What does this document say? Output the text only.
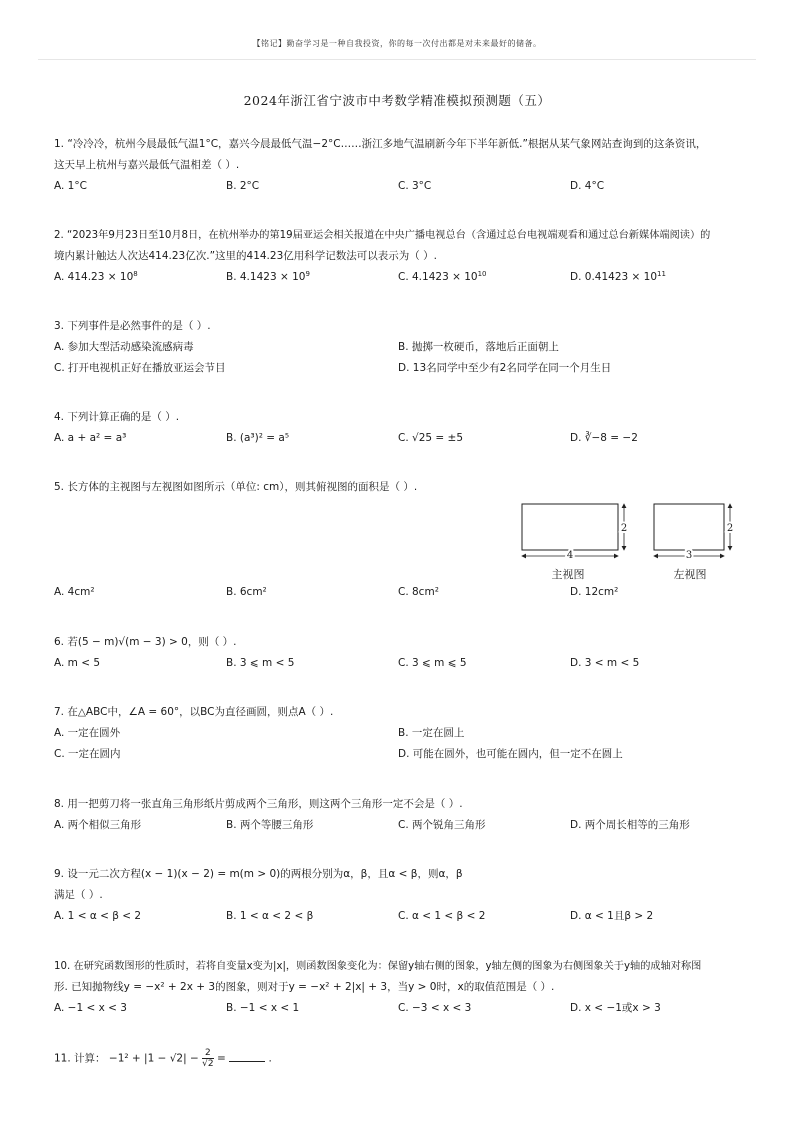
【铭记】勤奋学习是一种自我投资，你的每一次付出都是对未来最好的储备。
2024年浙江省宁波市中考数学精准模拟预测题（五）
1. “冷冷冷，杭州今晨最低气温1°C，嘉兴今晨最低气温−2°C……浙江多地气温刷新今年下半年新低.”根据从某气象网站查询到的这条资讯，
这天早上杭州与嘉兴最低气温相差（ ）.
A. 1°C	B. 2°C	C. 3°C	D. 4°C
2. “2023年9月23日至10月8日，在杭州举办的第19届亚运会相关报道在中央广播电视总台（含通过总台电视端观看和通过总台新媒体端阅读）的
境内累计触达人次达414.23亿次.”这里的414.23亿用科学记数法可以表示为（ ）.
A. $414.23 \times 10^8$	B. $4.1423 \times 10^9$	C. $4.1423 \times 10^{10}$	D. $0.41423 \times 10^{11}$
3. 下列事件是必然事件的是（ ）.
A. 参加大型活动感染流感病毒	B. 抛掷一枚硬币，落地后正面朝上
C. 打开电视机正好在播放亚运会节目	D. 13名同学中至少有2名同学在同一个月生日
4. 下列计算正确的是（ ）.
A. a + a² = a³	B. (a³)² = a⁵	C. √25 = ±5	D. ∛−8 = −2
5. 长方体的主视图与左视图如图所示（单位: cm），则其俯视图的面积是（ ）.
4
2
3
2
主视图	左视图
A. 4cm²	B. 6cm²	C. 8cm²	D. 12cm²
6. 若(5 − m)√(m − 3) > 0，则（ ）.
A. m < 5	B. 3 ⩽ m < 5	C. 3 ⩽ m ⩽ 5	D. 3 < m < 5
7. 在△ABC中，∠A = 60°，以BC为直径画圆，则点A（ ）.
A. 一定在圆外	B. 一定在圆上
C. 一定在圆内	D. 可能在圆外，也可能在圆内，但一定不在圆上
8. 用一把剪刀将一张直角三角形纸片剪成两个三角形，则这两个三角形一定不会是（ ）.
A. 两个相似三角形	B. 两个等腰三角形	C. 两个锐角三角形	D. 两个周长相等的三角形
9. 设一元二次方程(x − 1)(x − 2) = m(m > 0)的两根分别为α，β，且α < β，则α，β
满足（ ）.
A. 1 < α < β < 2	B. 1 < α < 2 < β	C. α < 1 < β < 2	D. α < 1且β > 2
10. 在研究函数图形的性质时，若将自变量x变为|x|，则函数图象变化为：保留y轴右侧的图象，y轴左侧的图象为右侧图象关于y轴的成轴对称图
形. 已知抛物线y = −x² + 2x + 3的图象，则对于y = −x² + 2|x| + 3，当y > 0时，x的取值范围是（ ）.
A. −1 < x < 3	B. −1 < x < 1	C. −3 < x < 3	D. x < −1或x > 3
11. 计算： $-1^2 + |1 - √2| - \frac{2}{√2}$ =	.
